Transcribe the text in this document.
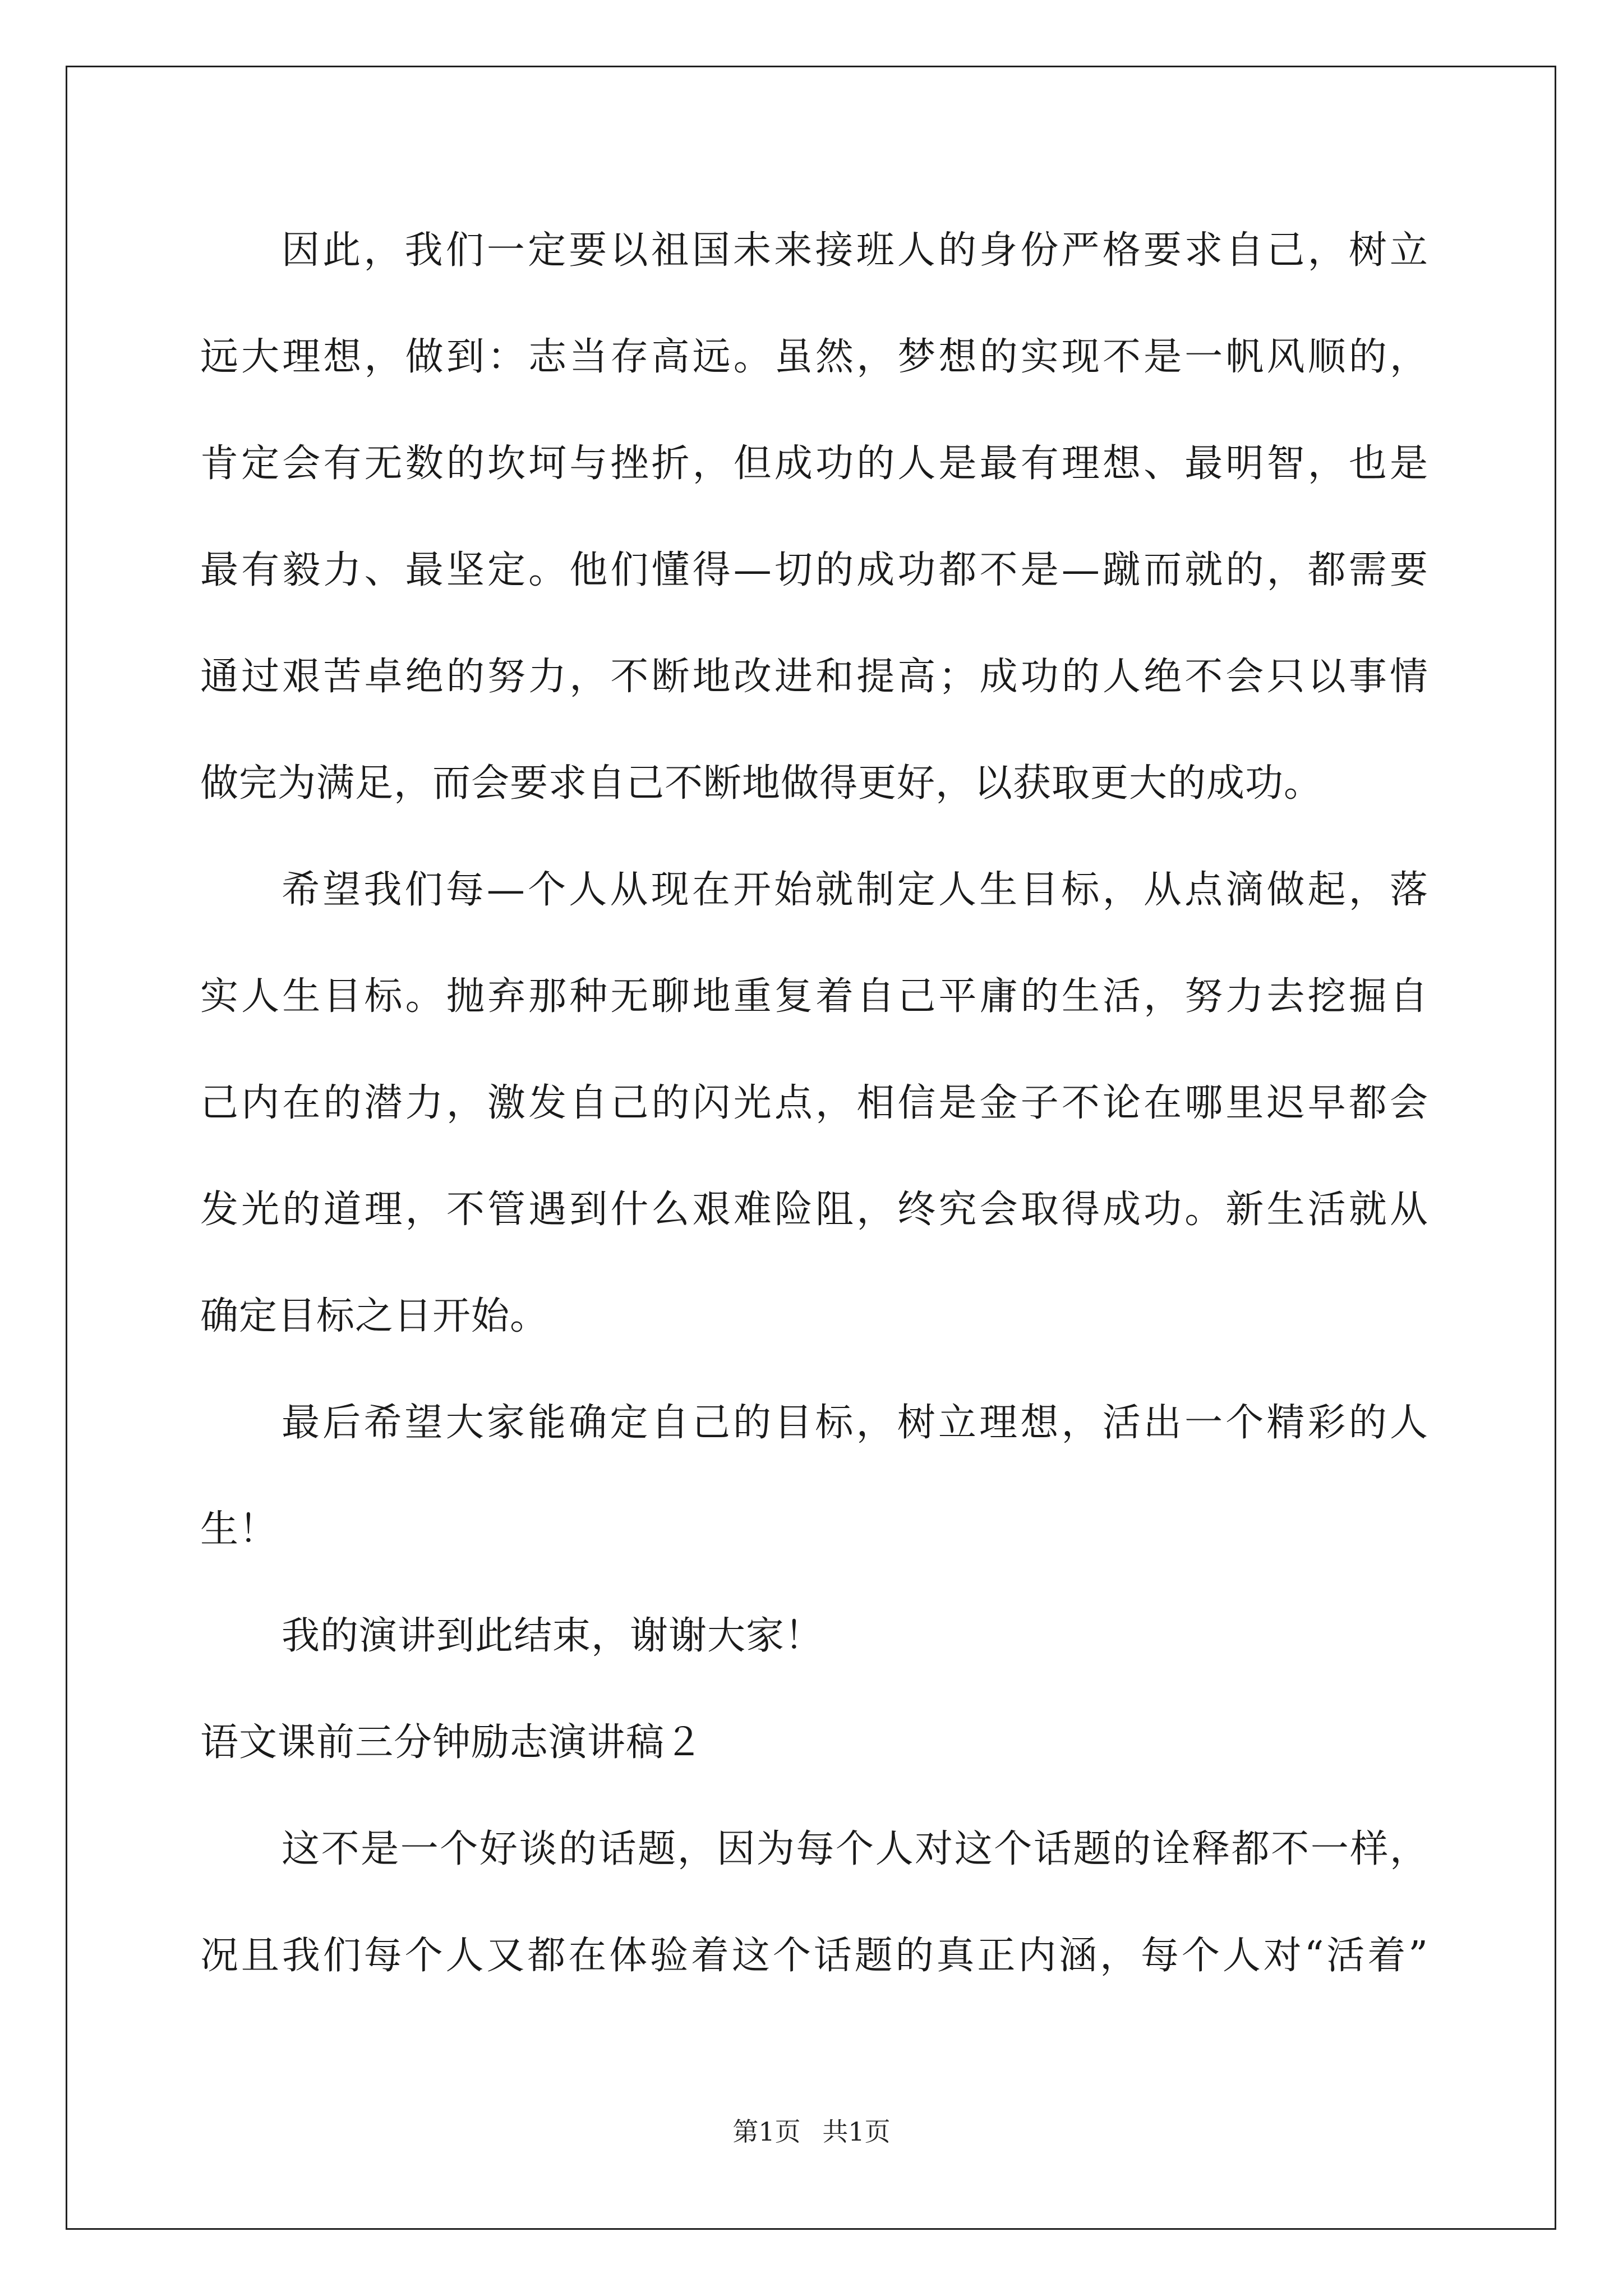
因此，我们一定要以祖国未来接班人的身份严格要求自己，树立
远大理想，做到：志当存高远。虽然，梦想的实现不是一帆风顺的，
肯定会有无数的坎坷与挫折，但成功的人是最有理想、最明智，也是
最有毅力、最坚定。他们懂得—切的成功都不是—蹴而就的，都需要
通过艰苦卓绝的努力，不断地改进和提高；成功的人绝不会只以事情
做完为满足，而会要求自己不断地做得更好，以获取更大的成功。
希望我们每—个人从现在开始就制定人生目标，从点滴做起，落
实人生目标。抛弃那种无聊地重复着自己平庸的生活，努力去挖掘自
己内在的潜力，激发自己的闪光点，相信是金子不论在哪里迟早都会
发光的道理，不管遇到什么艰难险阻，终究会取得成功。新生活就从
确定目标之日开始。
最后希望大家能确定自己的目标，树立理想，活出一个精彩的人
生！
我的演讲到此结束，谢谢大家！
语文课前三分钟励志演讲稿２
这不是一个好谈的话题，因为每个人对这个话题的诠释都不一样，
况且我们每个人又都在体验着这个话题的真正内涵，每个人对“活着”
第1页 共1页
